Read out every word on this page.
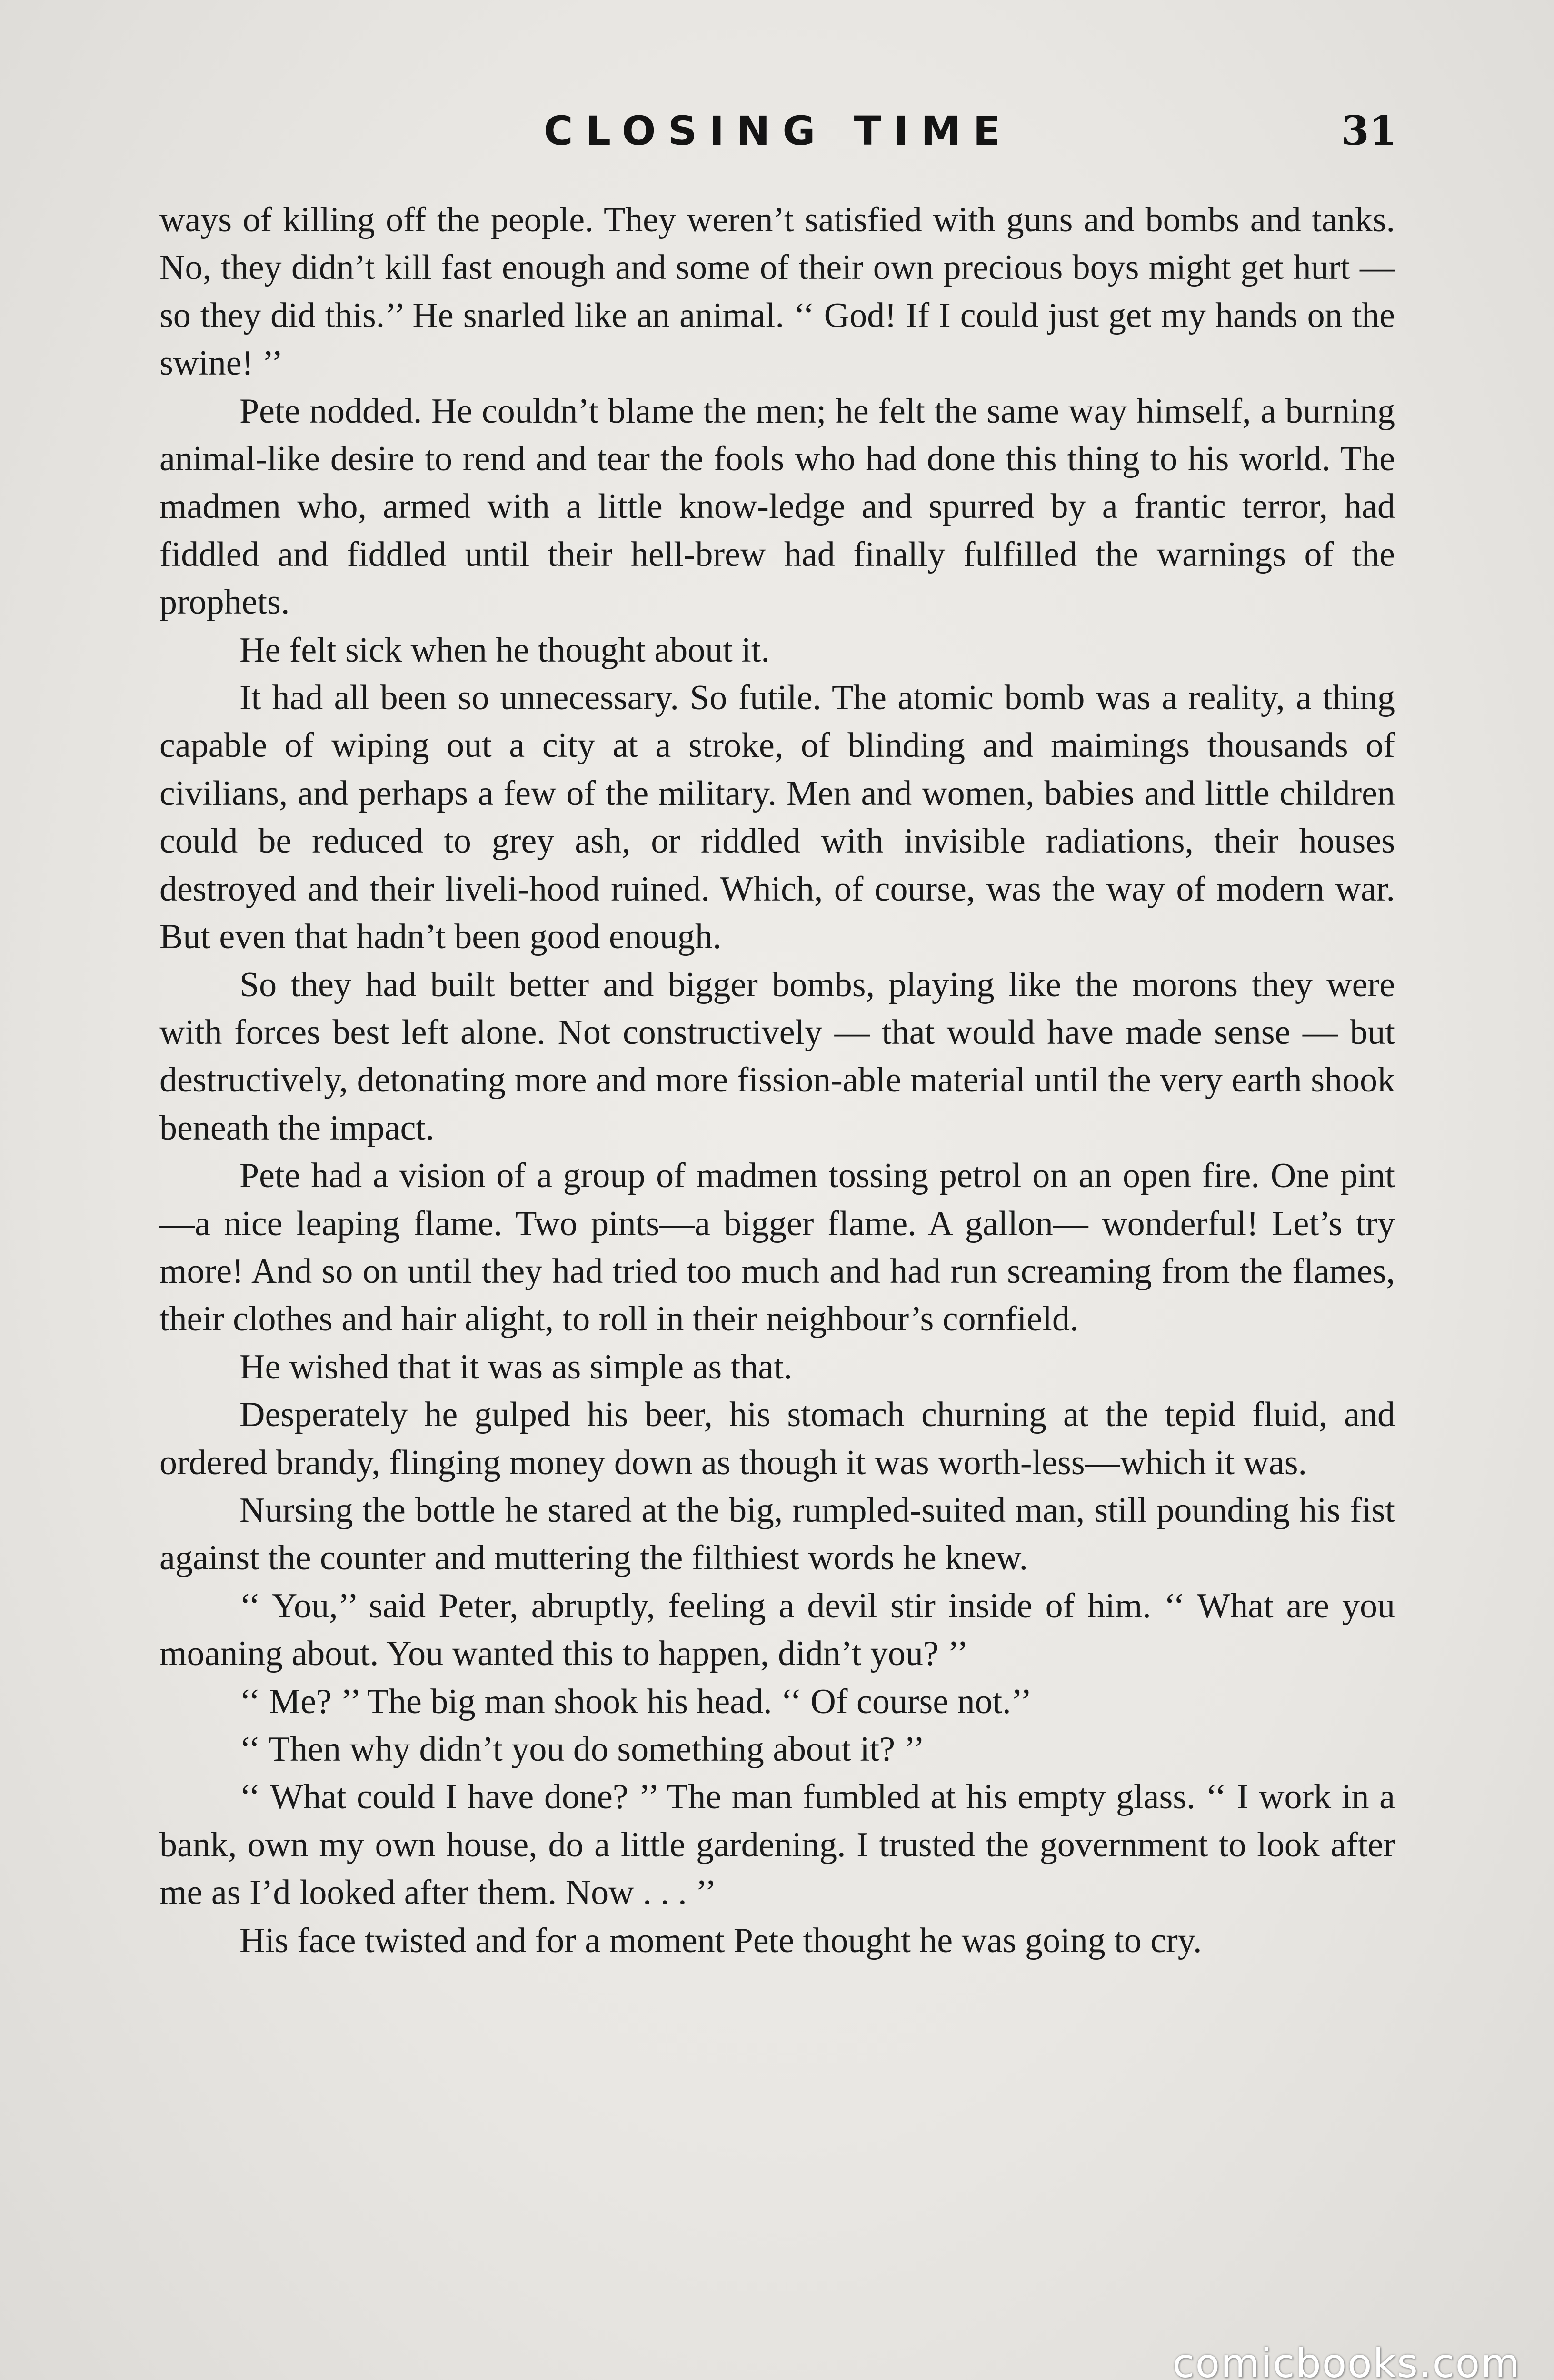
CLOSING TIME	31

ways of killing off the people. They weren’t satisfied with guns and bombs and tanks. No, they didn’t kill fast enough and some of their own precious boys might get hurt — so they did this.’’ He snarled like an animal. ‘‘ God! If I could just get my hands on the swine! ’’

Pete nodded. He couldn’t blame the men; he felt the same way himself, a burning animal-like desire to rend and tear the fools who had done this thing to his world. The madmen who, armed with a little know-ledge and spurred by a frantic terror, had fiddled and fiddled until their hell-brew had finally fulfilled the warnings of the prophets.

He felt sick when he thought about it.

It had all been so unnecessary. So futile. The atomic bomb was a reality, a thing capable of wiping out a city at a stroke, of blinding and maimings thousands of civilians, and perhaps a few of the military. Men and women, babies and little children could be reduced to grey ash, or riddled with invisible radiations, their houses destroyed and their liveli-hood ruined. Which, of course, was the way of modern war. But even that hadn’t been good enough.

So they had built better and bigger bombs, playing like the morons they were with forces best left alone. Not constructively — that would have made sense — but destructively, detonating more and more fission-able material until the very earth shook beneath the impact.

Pete had a vision of a group of madmen tossing petrol on an open fire. One pint—a nice leaping flame. Two pints—a bigger flame. A gallon— wonderful! Let’s try more! And so on until they had tried too much and had run screaming from the flames, their clothes and hair alight, to roll in their neighbour’s cornfield.

He wished that it was as simple as that.

Desperately he gulped his beer, his stomach churning at the tepid fluid, and ordered brandy, flinging money down as though it was worth-less—which it was.

Nursing the bottle he stared at the big, rumpled-suited man, still pounding his fist against the counter and muttering the filthiest words he knew.

‘‘ You,’’ said Peter, abruptly, feeling a devil stir inside of him. ‘‘ What are you moaning about. You wanted this to happen, didn’t you? ’’

‘‘ Me? ’’ The big man shook his head. ‘‘ Of course not.’’

‘‘ Then why didn’t you do something about it? ’’

‘‘ What could I have done? ’’ The man fumbled at his empty glass. ‘‘ I work in a bank, own my own house, do a little gardening. I trusted the government to look after me as I’d looked after them. Now . . . ’’

His face twisted and for a moment Pete thought he was going to cry.

comicbooks.com
